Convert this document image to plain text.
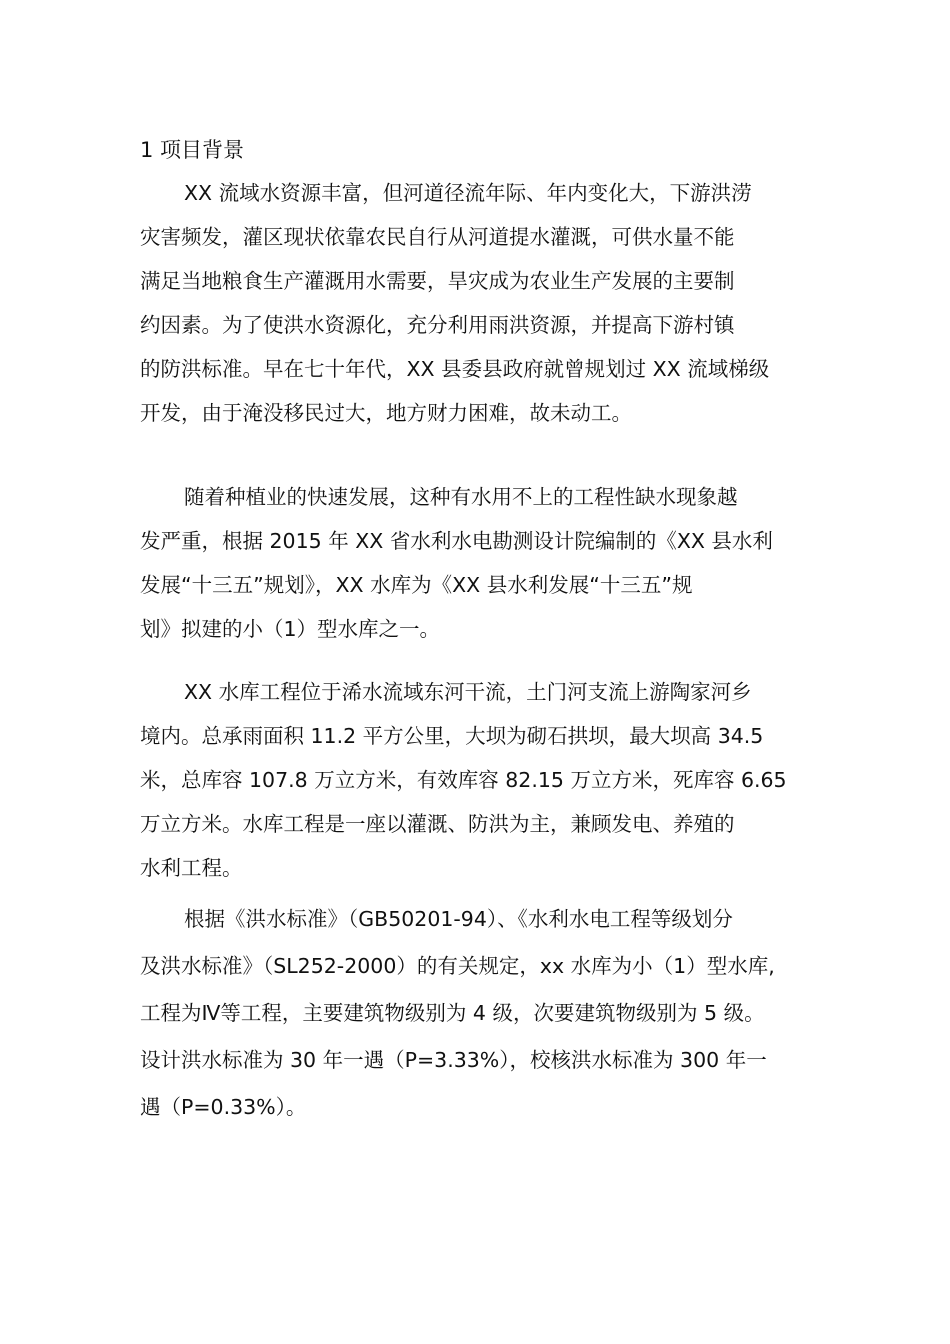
1 项目背景
XX 流域水资源丰富，但河道径流年际、年内变化大，下游洪涝
灾害频发，灌区现状依靠农民自行从河道提水灌溉，可供水量不能
满足当地粮食生产灌溉用水需要，旱灾成为农业生产发展的主要制
约因素。为了使洪水资源化，充分利用雨洪资源，并提高下游村镇
的防洪标准。早在七十年代，XX 县委县政府就曾规划过 XX 流域梯级
开发，由于淹没移民过大，地方财力困难，故未动工。
随着种植业的快速发展，这种有水用不上的工程性缺水现象越
发严重，根据 2015 年 XX 省水利水电勘测设计院编制的《XX 县水利
发展“十三五”规划》，XX 水库为《XX 县水利发展“十三五”规
划》拟建的小（1）型水库之一。
XX 水库工程位于浠水流域东河干流，土门河支流上游陶家河乡
境内。总承雨面积 11.2 平方公里，大坝为砌石拱坝，最大坝高 34.5
米，总库容 107.8 万立方米，有效库容 82.15 万立方米，死库容 6.65
万立方米。水库工程是一座以灌溉、防洪为主，兼顾发电、养殖的
水利工程。
根据《洪水标准》（GB50201-94）、《水利水电工程等级划分
及洪水标准》（SL252-2000）的有关规定，xx 水库为小（1）型水库,
工程为Ⅳ等工程，主要建筑物级别为 4 级，次要建筑物级别为 5 级。
设计洪水标准为 30 年一遇（P=3.33%），校核洪水标准为 300 年一
遇（P=0.33%）。
